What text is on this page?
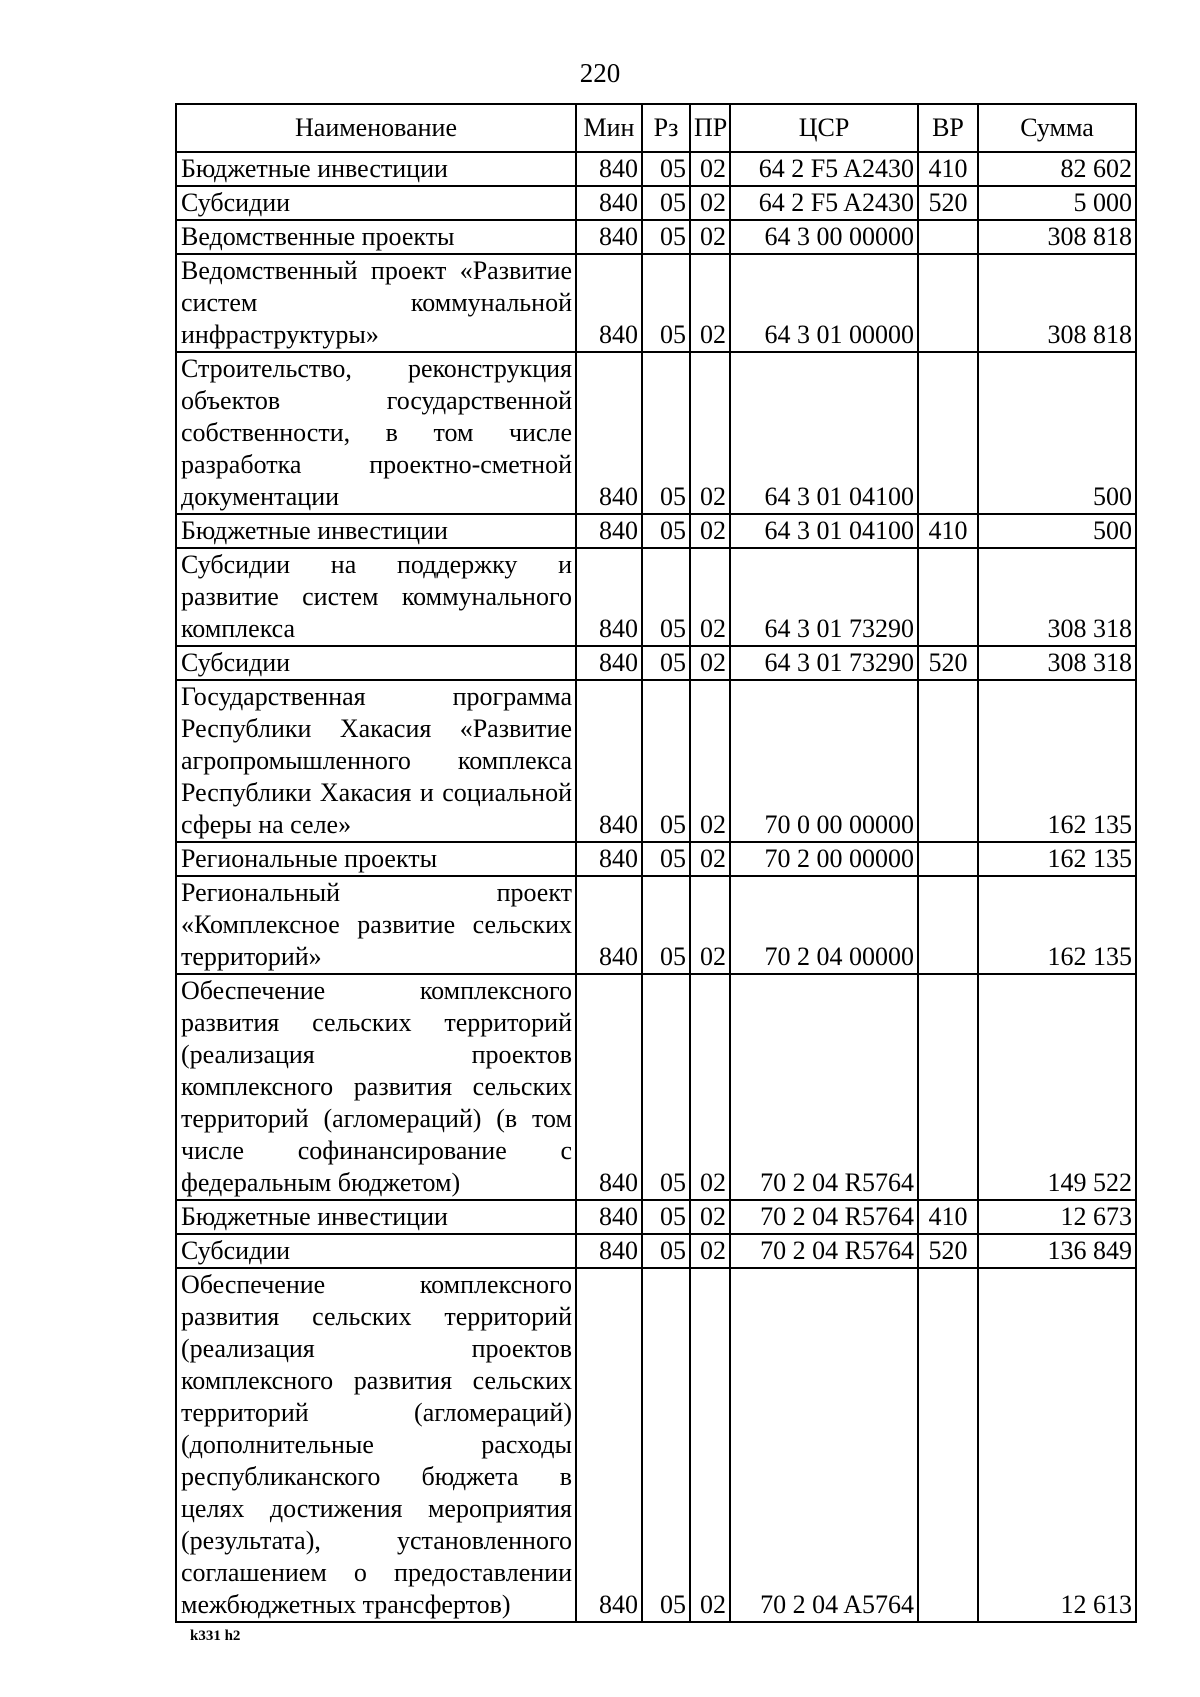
220
Наименование	Мин	Рз	ПР	ЦСР	ВР	Сумма
Бюджетные инвестиции	840	05	02	64 2 F5 A2430	410	82 602
Субсидии	840	05	02	64 2 F5 A2430	520	5 000
Ведомственные проекты	840	05	02	64 3 00 00000		308 818
Ведомственный проект «Развитие систем коммунальной инфраструктуры»	840	05	02	64 3 01 00000		308 818
Строительство, реконструкция объектов государственной собственности, в том числе разработка проектно-сметной документации	840	05	02	64 3 01 04100		500
Бюджетные инвестиции	840	05	02	64 3 01 04100	410	500
Субсидии на поддержку и развитие систем коммунального комплекса	840	05	02	64 3 01 73290		308 318
Субсидии	840	05	02	64 3 01 73290	520	308 318
Государственная программа Республики Хакасия «Развитие агропромышленного комплекса Республики Хакасия и социальной сферы на селе»	840	05	02	70 0 00 00000		162 135
Региональные проекты	840	05	02	70 2 00 00000		162 135
Региональный проект «Комплексное развитие сельских территорий»	840	05	02	70 2 04 00000		162 135
Обеспечение комплексного развития сельских территорий (реализация проектов комплексного развития сельских территорий (агломераций) (в том числе софинансирование с федеральным бюджетом)	840	05	02	70 2 04 R5764		149 522
Бюджетные инвестиции	840	05	02	70 2 04 R5764	410	12 673
Субсидии	840	05	02	70 2 04 R5764	520	136 849
Обеспечение комплексного развития сельских территорий (реализация проектов комплексного развития сельских территорий (агломераций) (дополнительные расходы республиканского бюджета в целях достижения мероприятия (результата), установленного соглашением о предоставлении межбюджетных трансфертов)	840	05	02	70 2 04 A5764		12 613
k331 h2
